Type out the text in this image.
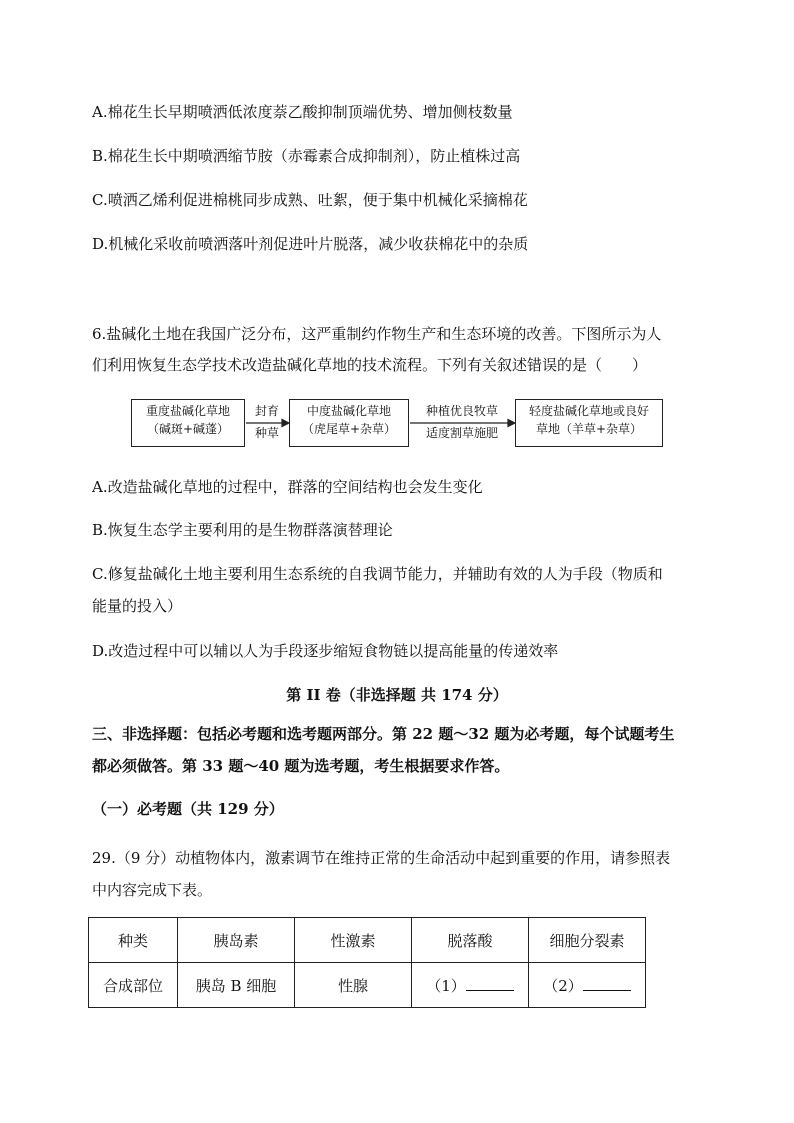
A.棉花生长早期喷洒低浓度萘乙酸抑制顶端优势、增加侧枝数量
B.棉花生长中期喷洒缩节胺（赤霉素合成抑制剂），防止植株过高
C.喷洒乙烯利促进棉桃同步成熟、吐絮，便于集中机械化采摘棉花
D.机械化采收前喷洒落叶剂促进叶片脱落，减少收获棉花中的杂质
6.盐碱化土地在我国广泛分布，这严重制约作物生产和生态环境的改善。下图所示为人
们利用恢复生态学技术改造盐碱化草地的技术流程。下列有关叙述错误的是（　　）
重度盐碱化草地
（碱斑+碱蓬）
封育
种草
中度盐碱化草地
（虎尾草+杂草）
种植优良牧草
适度割草施肥
轻度盐碱化草地或良好
草地（羊草+杂草）
A.改造盐碱化草地的过程中，群落的空间结构也会发生变化
B.恢复生态学主要利用的是生物群落演替理论
C.修复盐碱化土地主要利用生态系统的自我调节能力，并辅助有效的人为手段（物质和
能量的投入）
D.改造过程中可以辅以人为手段逐步缩短食物链以提高能量的传递效率
第 II 卷（非选择题 共 174 分）
三、非选择题：包括必考题和选考题两部分。第 22 题～32 题为必考题，每个试题考生
都必须做答。第 33 题～40 题为选考题，考生根据要求作答。
（一）必考题（共 129 分）
29.（9 分）动植物体内，激素调节在维持正常的生命活动中起到重要的作用，请参照表
中内容完成下表。
种类	胰岛素	性激素	脱落酸	细胞分裂素
合成部位	胰岛 B 细胞	性腺	（1）	（2）
